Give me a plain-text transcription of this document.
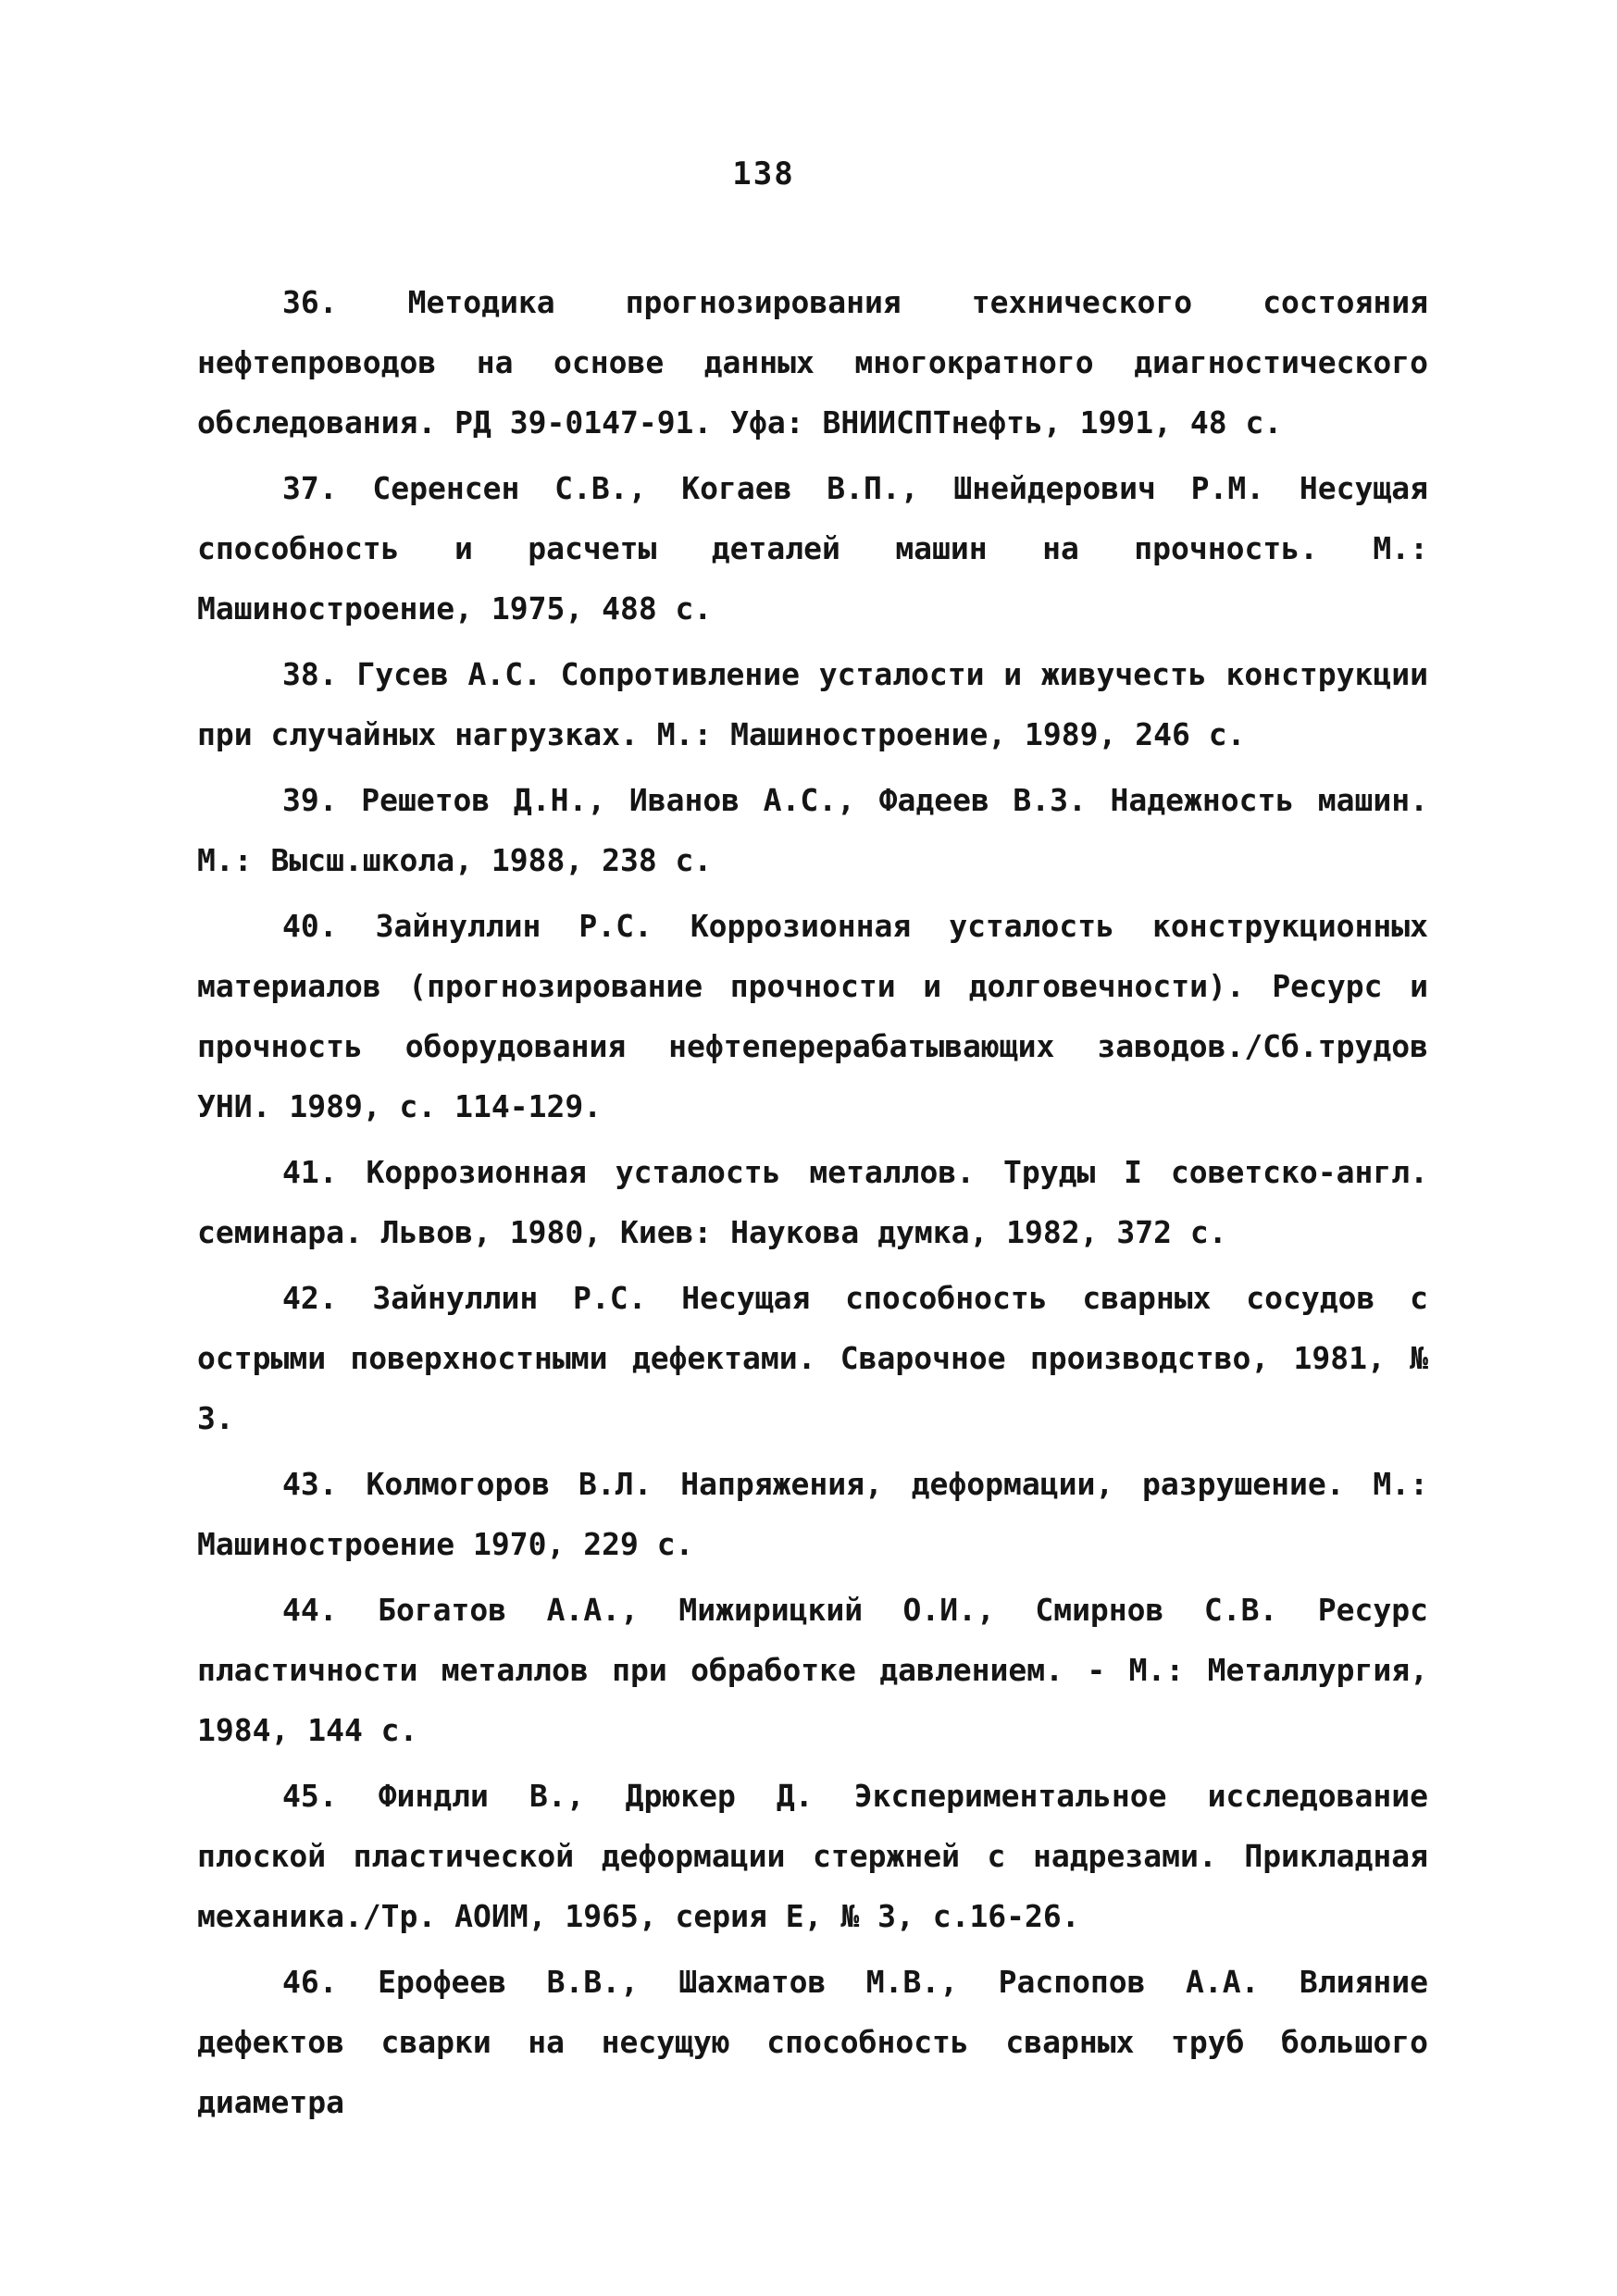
138

36. Методика прогнозирования технического состояния нефтепроводов на основе данных многократного диагностического обследования. РД 39-0147-91. Уфа: ВНИИСПТнефть, 1991, 48 с.

37. Серенсен С.В., Когаев В.П., Шнейдерович Р.М. Несущая способность и расчеты деталей машин на прочность. М.: Машиностроение, 1975, 488 с.

38. Гусев А.С. Сопротивление усталости и живучесть конструкции при случайных нагрузках. М.: Машиностроение, 1989, 246 с.

39. Решетов Д.Н., Иванов А.С., Фадеев В.З. Надежность машин. М.: Высш.школа, 1988, 238 с.

40. Зайнуллин Р.С. Коррозионная усталость конструкционных материалов (прогнозирование прочности и долговечности). Ресурс и прочность оборудования нефтеперерабатывающих заводов./Сб.трудов УНИ. 1989, с. 114-129.

41. Коррозионная усталость металлов. Труды I советско-англ. семинара. Львов, 1980, Киев: Наукова думка, 1982, 372 с.

42. Зайнуллин Р.С. Несущая способность сварных сосудов с острыми поверхностными дефектами. Сварочное производство, 1981, № 3.

43. Колмогоров В.Л. Напряжения, деформации, разрушение. М.: Машиностроение 1970, 229 с.

44. Богатов А.А., Мижирицкий О.И., Смирнов С.В. Ресурс пластичности металлов при обработке давлением. - М.: Металлургия, 1984, 144 с.

45. Финдли В., Дрюкер Д. Экспериментальное исследование плоской пластической деформации стержней с надрезами. Прикладная механика./Тр. АОИМ, 1965, серия Е, № 3, с.16-26.

46. Ерофеев В.В., Шахматов М.В., Распопов А.А. Влияние дефектов сварки на несущую способность сварных труб большого диаметра
